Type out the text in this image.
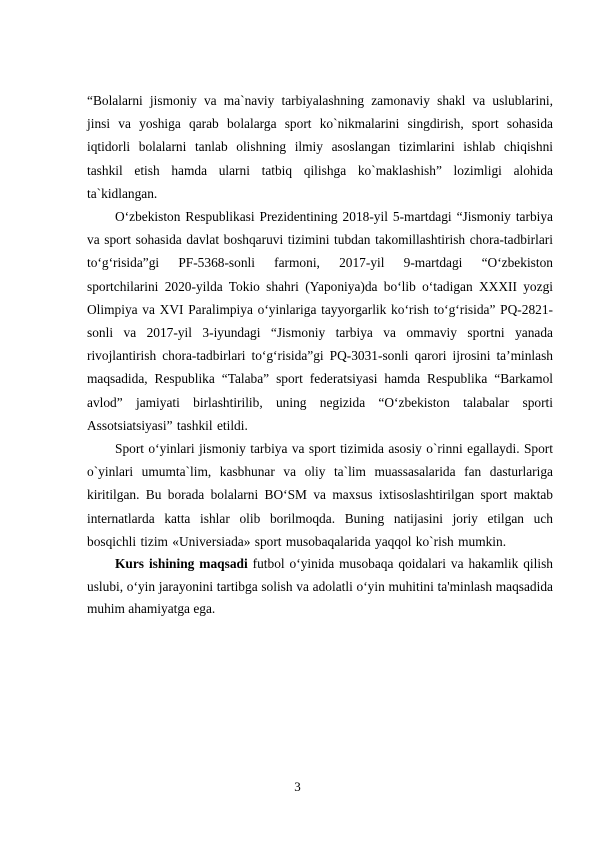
“Bolalarni jismoniy va ma`naviy tarbiyalashning zamonaviy shakl va uslublarini, jinsi va yoshiga qarab bolalarga sport ko`nikmalarini singdirish, sport sohasida iqtidorli bolalarni tanlab olishning ilmiy asoslangan tizimlarini ishlab chiqishni tashkil etish hamda ularni tatbiq qilishga ko`maklashish” lozimligi alohida ta`kidlangan.

O‘zbekiston Respublikasi Prezidentining 2018-yil 5-martdagi “Jismoniy tarbiya va sport sohasida davlat boshqaruvi tizimini tubdan takomillashtirish chora-tadbirlari to‘g‘risida”gi PF-5368-sonli farmoni, 2017-yil 9-martdagi “O‘zbekiston sportchilarini 2020-yilda Tokio shahri (Yaponiya)da bo‘lib o‘tadigan XXXII yozgi Olimpiya va XVI Paralimpiya o‘yinlariga tayyorgarlik ko‘rish to‘g‘risida” PQ-2821-sonli va 2017-yil 3-iyundagi “Jismoniy tarbiya va ommaviy sportni yanada rivojlantirish chora-tadbirlari to‘g‘risida”gi PQ-3031-sonli qarori ijrosini ta’minlash maqsadida, Respublika “Talaba” sport federatsiyasi hamda Respublika “Barkamol avlod” jamiyati birlashtirilib, uning negizida “O‘zbekiston talabalar sporti Assotsiatsiyasi” tashkil etildi.

Sport o‘yinlari jismoniy tarbiya va sport tizimida asosiy o`rinni egallaydi. Sport o`yinlari umumta`lim, kasbhunar va oliy ta`lim muassasalarida fan dasturlariga kiritilgan. Bu borada bolalarni BO‘SM va maxsus ixtisoslashtirilgan sport maktab internatlarda katta ishlar olib borilmoqda. Buning natijasini joriy etilgan uch bosqichli tizim «Universiada» sport musobaqalarida yaqqol ko`rish mumkin.

Kurs ishining maqsadi futbol o‘yinida musobaqa qoidalari va hakamlik qilish uslubi, o‘yin jarayonini tartibga solish va adolatli o‘yin muhitini ta'minlash maqsadida muhim ahamiyatga ega.

3
